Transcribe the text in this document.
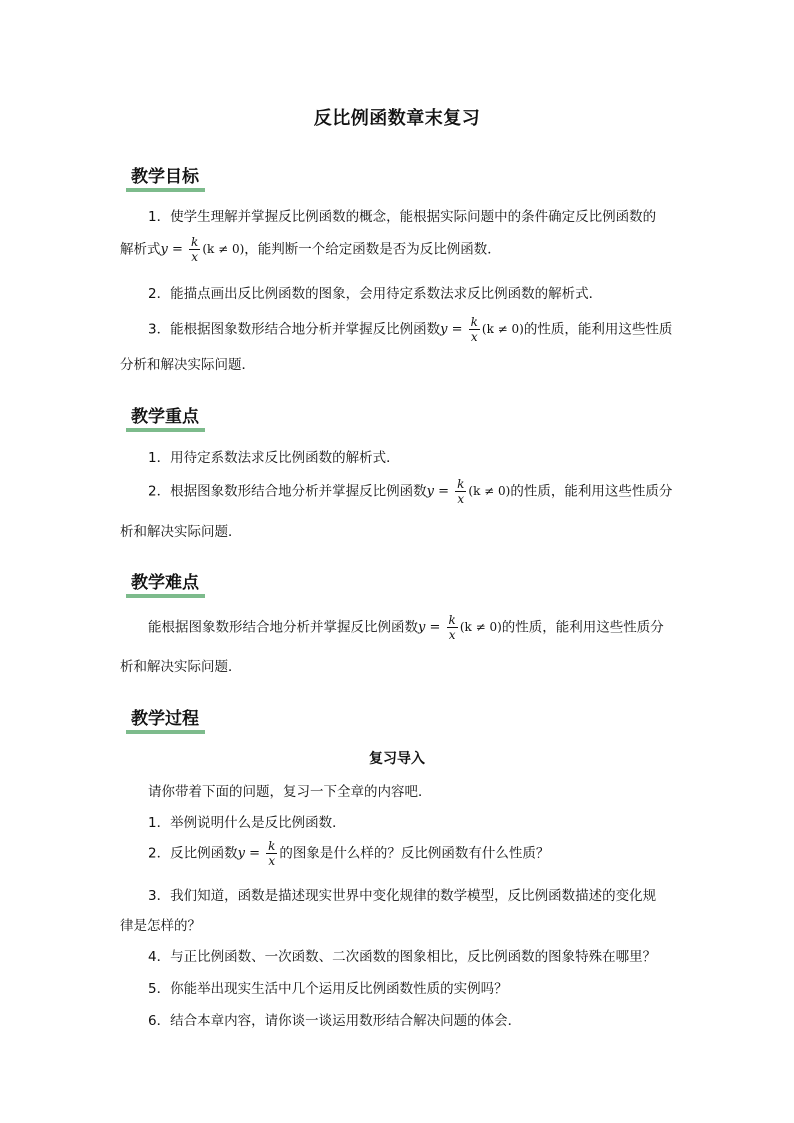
反比例函数章末复习
教学目标
1．使学生理解并掌握反比例函数的概念，能根据实际问题中的条件确定反比例函数的
解析式$y = \frac{k}{x} (k \ne 0)$，能判断一个给定函数是否为反比例函数．
2．能描点画出反比例函数的图象，会用待定系数法求反比例函数的解析式．
3．能根据图象数形结合地分析并掌握反比例函数$y = \frac{k}{x} (k \ne 0)$的性质，能利用这些性质
分析和解决实际问题．
教学重点
1．用待定系数法求反比例函数的解析式．
2．根据图象数形结合地分析并掌握反比例函数$y = \frac{k}{x} (k \ne 0)$的性质，能利用这些性质分
析和解决实际问题．
教学难点
能根据图象数形结合地分析并掌握反比例函数$y = \frac{k}{x} (k \ne 0)$的性质，能利用这些性质分
析和解决实际问题．
教学过程
复习导入
请你带着下面的问题，复习一下全章的内容吧．
1．举例说明什么是反比例函数．
2．反比例函数$y = \frac{k}{x}$ 的图象是什么样的？反比例函数有什么性质？
3．我们知道，函数是描述现实世界中变化规律的数学模型，反比例函数描述的变化规
律是怎样的？
4．与正比例函数、一次函数、二次函数的图象相比，反比例函数的图象特殊在哪里？
5．你能举出现实生活中几个运用反比例函数性质的实例吗？
6．结合本章内容，请你谈一谈运用数形结合解决问题的体会．
